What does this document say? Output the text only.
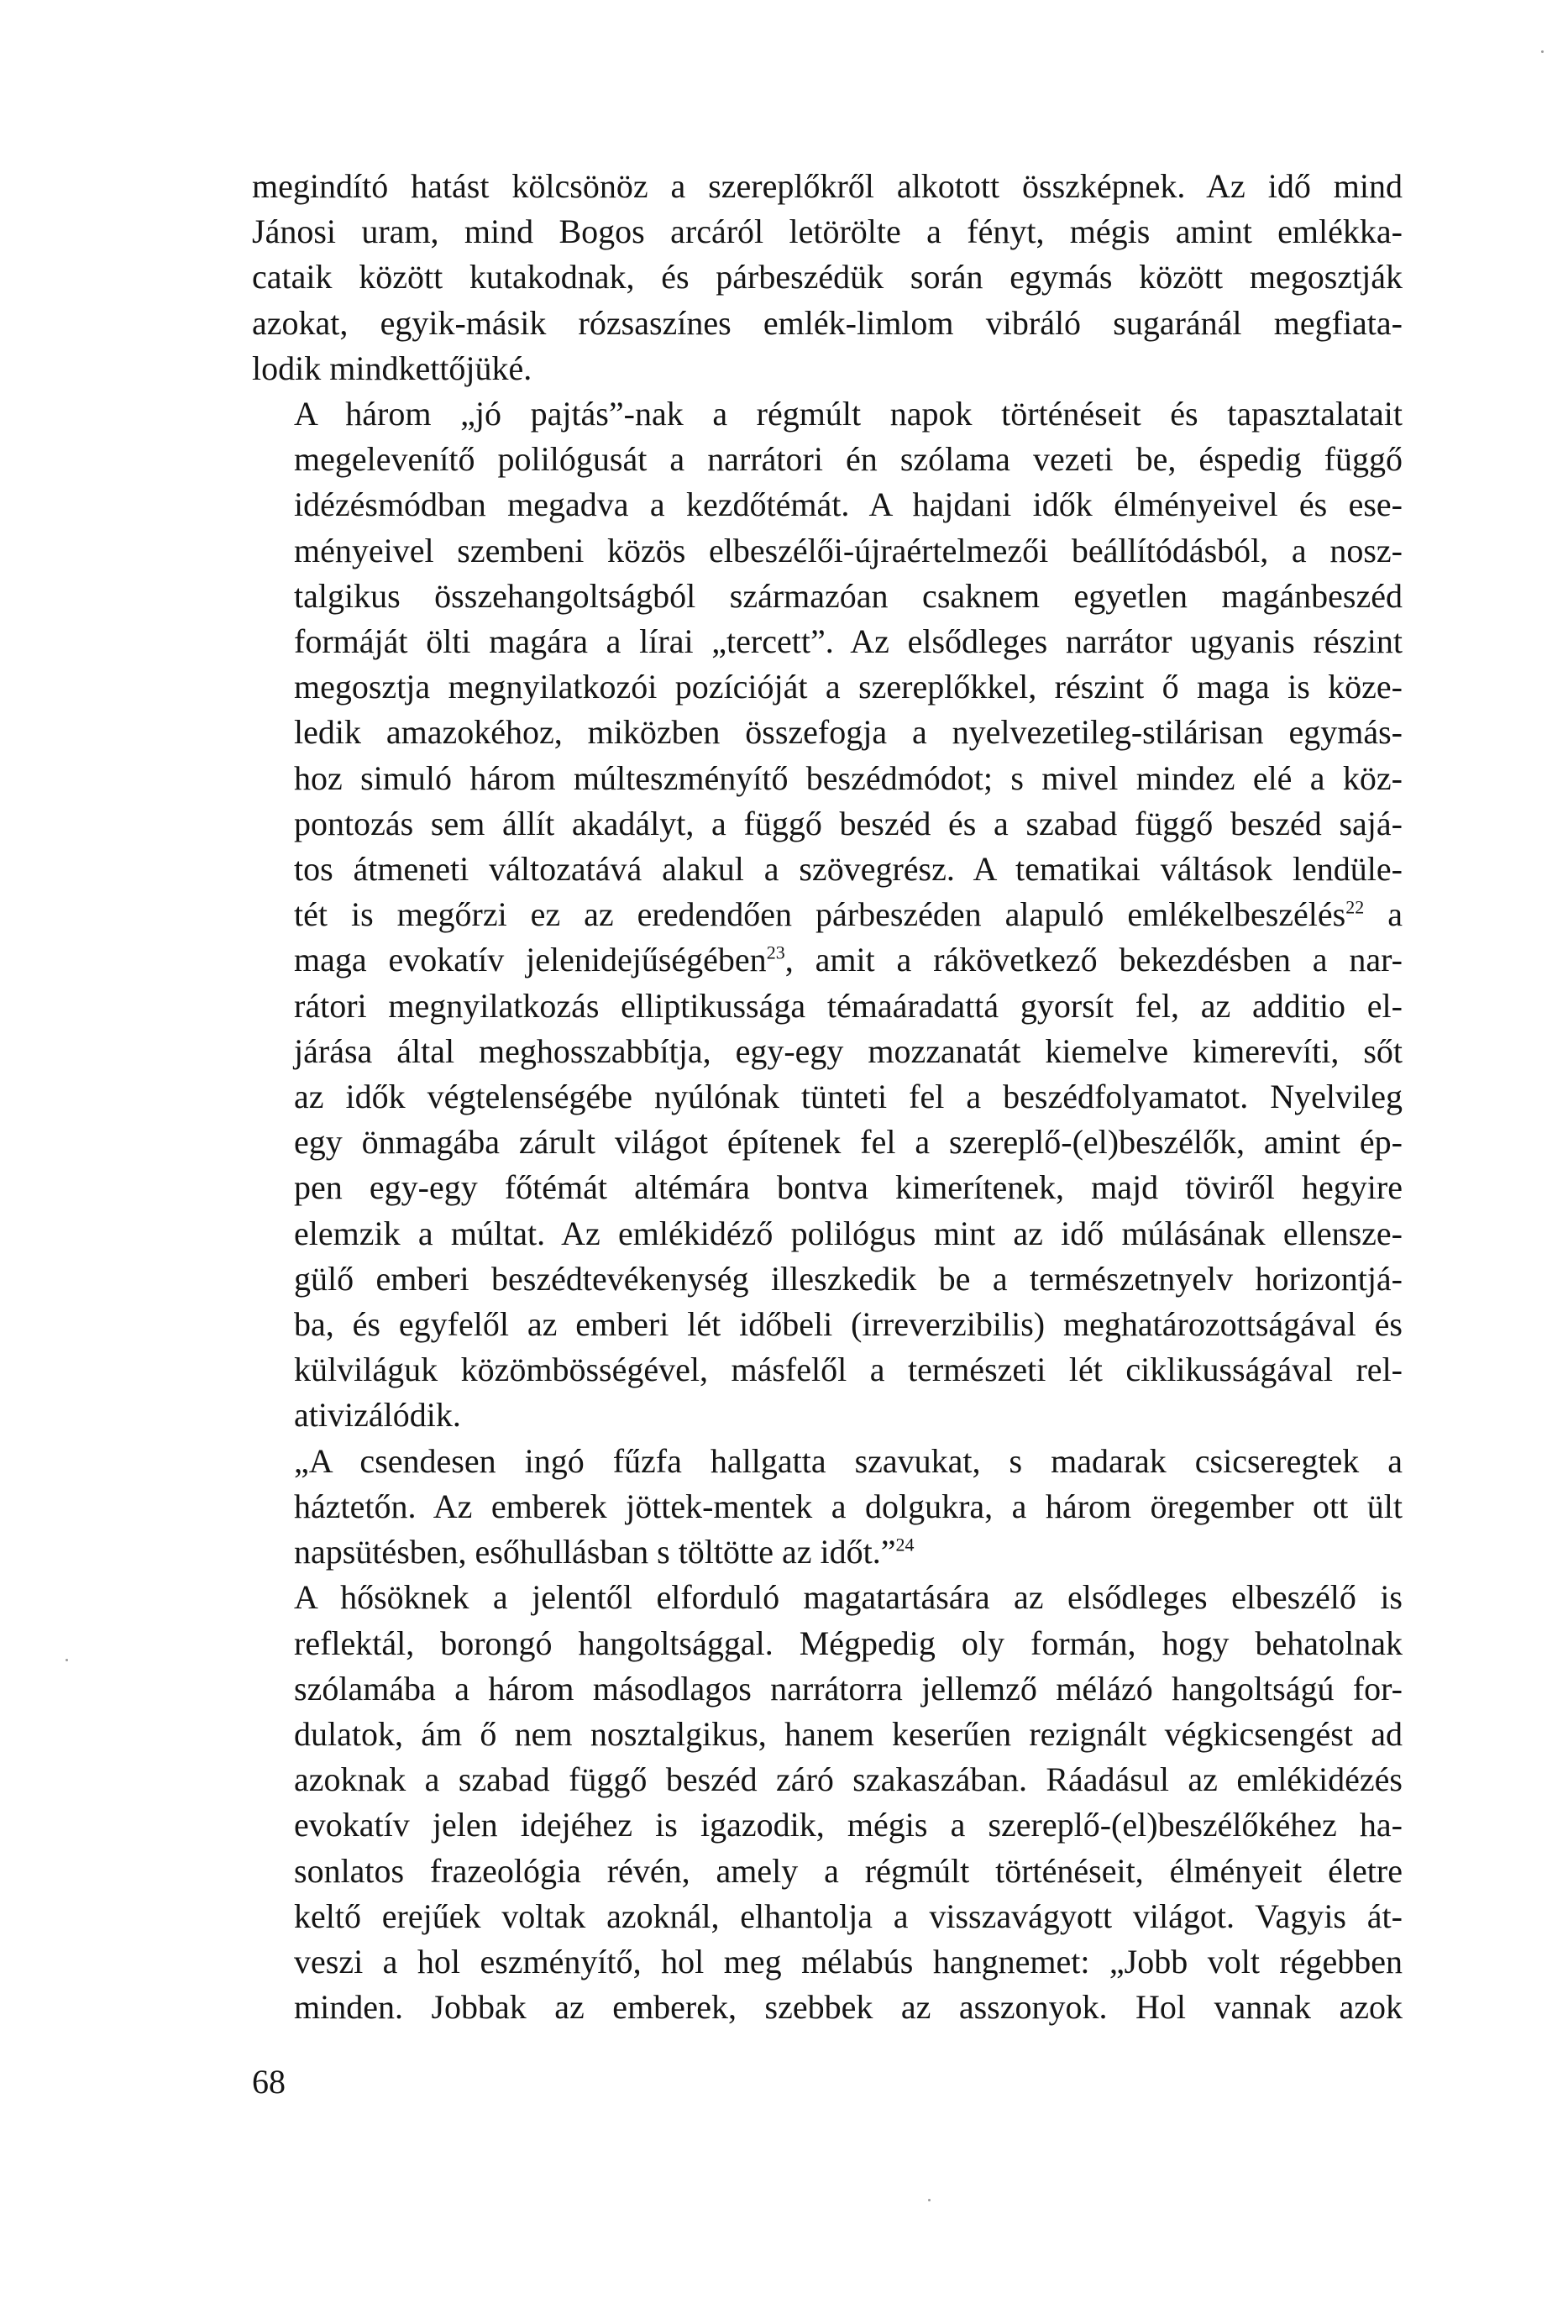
megindító hatást kölcsönöz a szereplőkről alkotott összképnek. Az idő mind
Jánosi uram, mind Bogos arcáról letörölte a fényt, mégis amint emlékka-
cataik között kutakodnak, és párbeszédük során egymás között megosztják
azokat, egyik-másik rózsaszínes emlék-limlom vibráló sugaránál megfiata-
lodik mindkettőjüké.
A három „jó pajtás”-nak a régmúlt napok történéseit és tapasztalatait
megelevenítő polilógusát a narrátori én szólama vezeti be, éspedig függő
idézésmódban megadva a kezdőtémát. A hajdani idők élményeivel és ese-
ményeivel szembeni közös elbeszélői-újraértelmezői beállítódásból, a nosz-
talgikus összehangoltságból származóan csaknem egyetlen magánbeszéd
formáját ölti magára a lírai „tercett”. Az elsődleges narrátor ugyanis részint
megosztja megnyilatkozói pozícióját a szereplőkkel, részint ő maga is köze-
ledik amazokéhoz, miközben összefogja a nyelvezetileg-stilárisan egymás-
hoz simuló három múlteszményítő beszédmódot; s mivel mindez elé a köz-
pontozás sem állít akadályt, a függő beszéd és a szabad függő beszéd sajá-
tos átmeneti változatává alakul a szövegrész. A tematikai váltások lendüle-
tét is megőrzi ez az eredendően párbeszéden alapuló emlékelbeszélés$^{22}$ a
maga evokatív jelenidejűségében$^{23}$, amit a rákövetkező bekezdésben a nar-
rátori megnyilatkozás elliptikussága témaáradattá gyorsít fel, az additio el-
járása által meghosszabbítja, egy-egy mozzanatát kiemelve kimerevíti, sőt
az idők végtelenségébe nyúlónak tünteti fel a beszédfolyamatot. Nyelvileg
egy önmagába zárult világot építenek fel a szereplő-(el)beszélők, amint ép-
pen egy-egy főtémát altémára bontva kimerítenek, majd töviről hegyire
elemzik a múltat. Az emlékidéző polilógus mint az idő múlásának ellensze-
gülő emberi beszédtevékenység illeszkedik be a természetnyelv horizontjá-
ba, és egyfelől az emberi lét időbeli (irreverzibilis) meghatározottságával és
külviláguk közömbösségével, másfelől a természeti lét ciklikusságával rel-
ativizálódik.
„A csendesen ingó fűzfa hallgatta szavukat, s madarak csicseregtek a
háztetőn. Az emberek jöttek-mentek a dolgukra, a három öregember ott ült
napsütésben, esőhullásban s töltötte az időt.”$^{24}$
A hősöknek a jelentől elforduló magatartására az elsődleges elbeszélő is
reflektál, borongó hangoltsággal. Mégpedig oly formán, hogy behatolnak
szólamába a három másodlagos narrátorra jellemző mélázó hangoltságú for-
dulatok, ám ő nem nosztalgikus, hanem keserűen rezignált végkicsengést ad
azoknak a szabad függő beszéd záró szakaszában. Ráadásul az emlékidézés
evokatív jelen idejéhez is igazodik, mégis a szereplő-(el)beszélőkéhez ha-
sonlatos frazeológia révén, amely a régmúlt történéseit, élményeit életre
keltő erejűek voltak azoknál, elhantolja a visszavágyott világot. Vagyis át-
veszi a hol eszményítő, hol meg mélabús hangnemet: „Jobb volt régebben
minden. Jobbak az emberek, szebbek az asszonyok. Hol vannak azok
68
